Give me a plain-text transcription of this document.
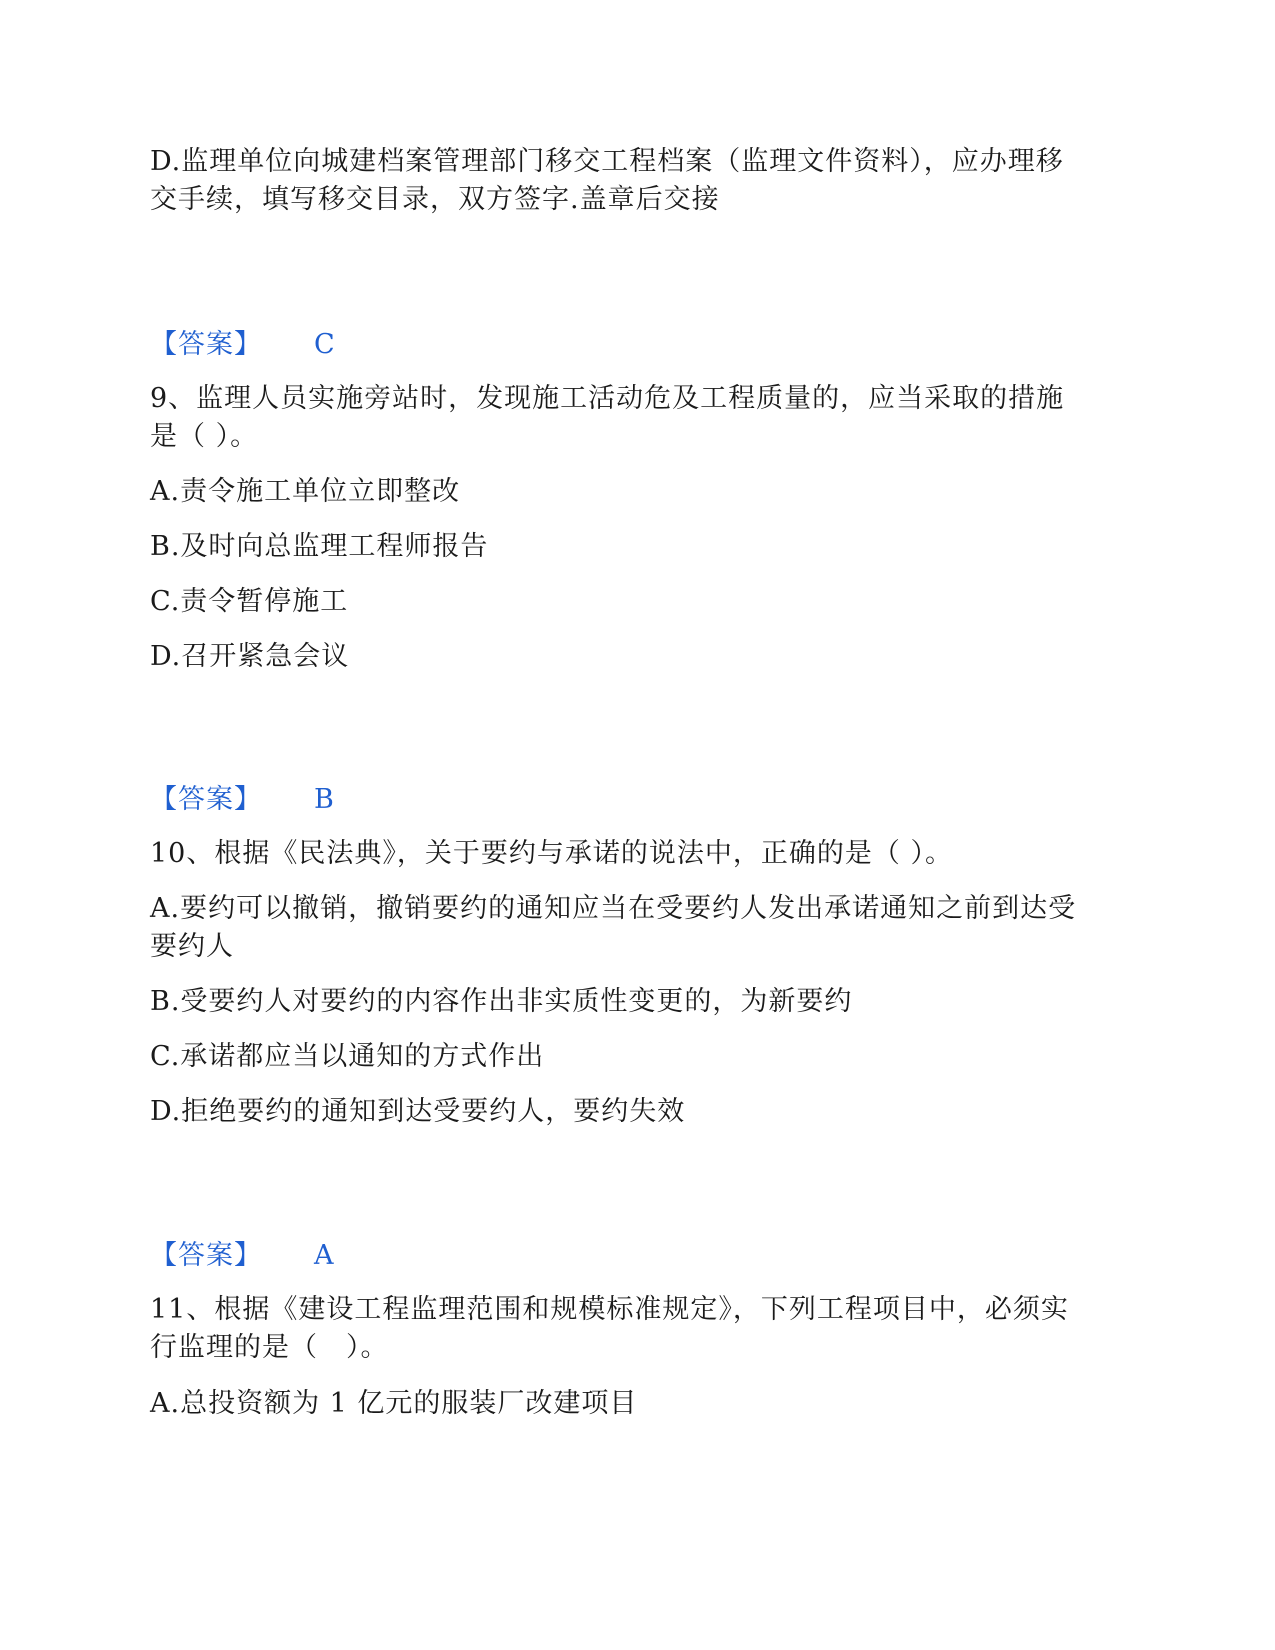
D.监理单位向城建档案管理部门移交工程档案（监理文件资料），应办理移
交手续，填写移交目录，双方签字.盖章后交接
【答案】 C
9、监理人员实施旁站时，发现施工活动危及工程质量的，应当采取的措施
是（ ）。
A.责令施工单位立即整改
B.及时向总监理工程师报告
C.责令暂停施工
D.召开紧急会议
【答案】 B
10、根据《民法典》，关于要约与承诺的说法中，正确的是（ ）。
A.要约可以撤销，撤销要约的通知应当在受要约人发出承诺通知之前到达受
要约人
B.受要约人对要约的内容作出非实质性变更的，为新要约
C.承诺都应当以通知的方式作出
D.拒绝要约的通知到达受要约人，要约失效
【答案】 A
11、根据《建设工程监理范围和规模标准规定》，下列工程项目中，必须实
行监理的是（　）。
A.总投资额为 1 亿元的服装厂改建项目
